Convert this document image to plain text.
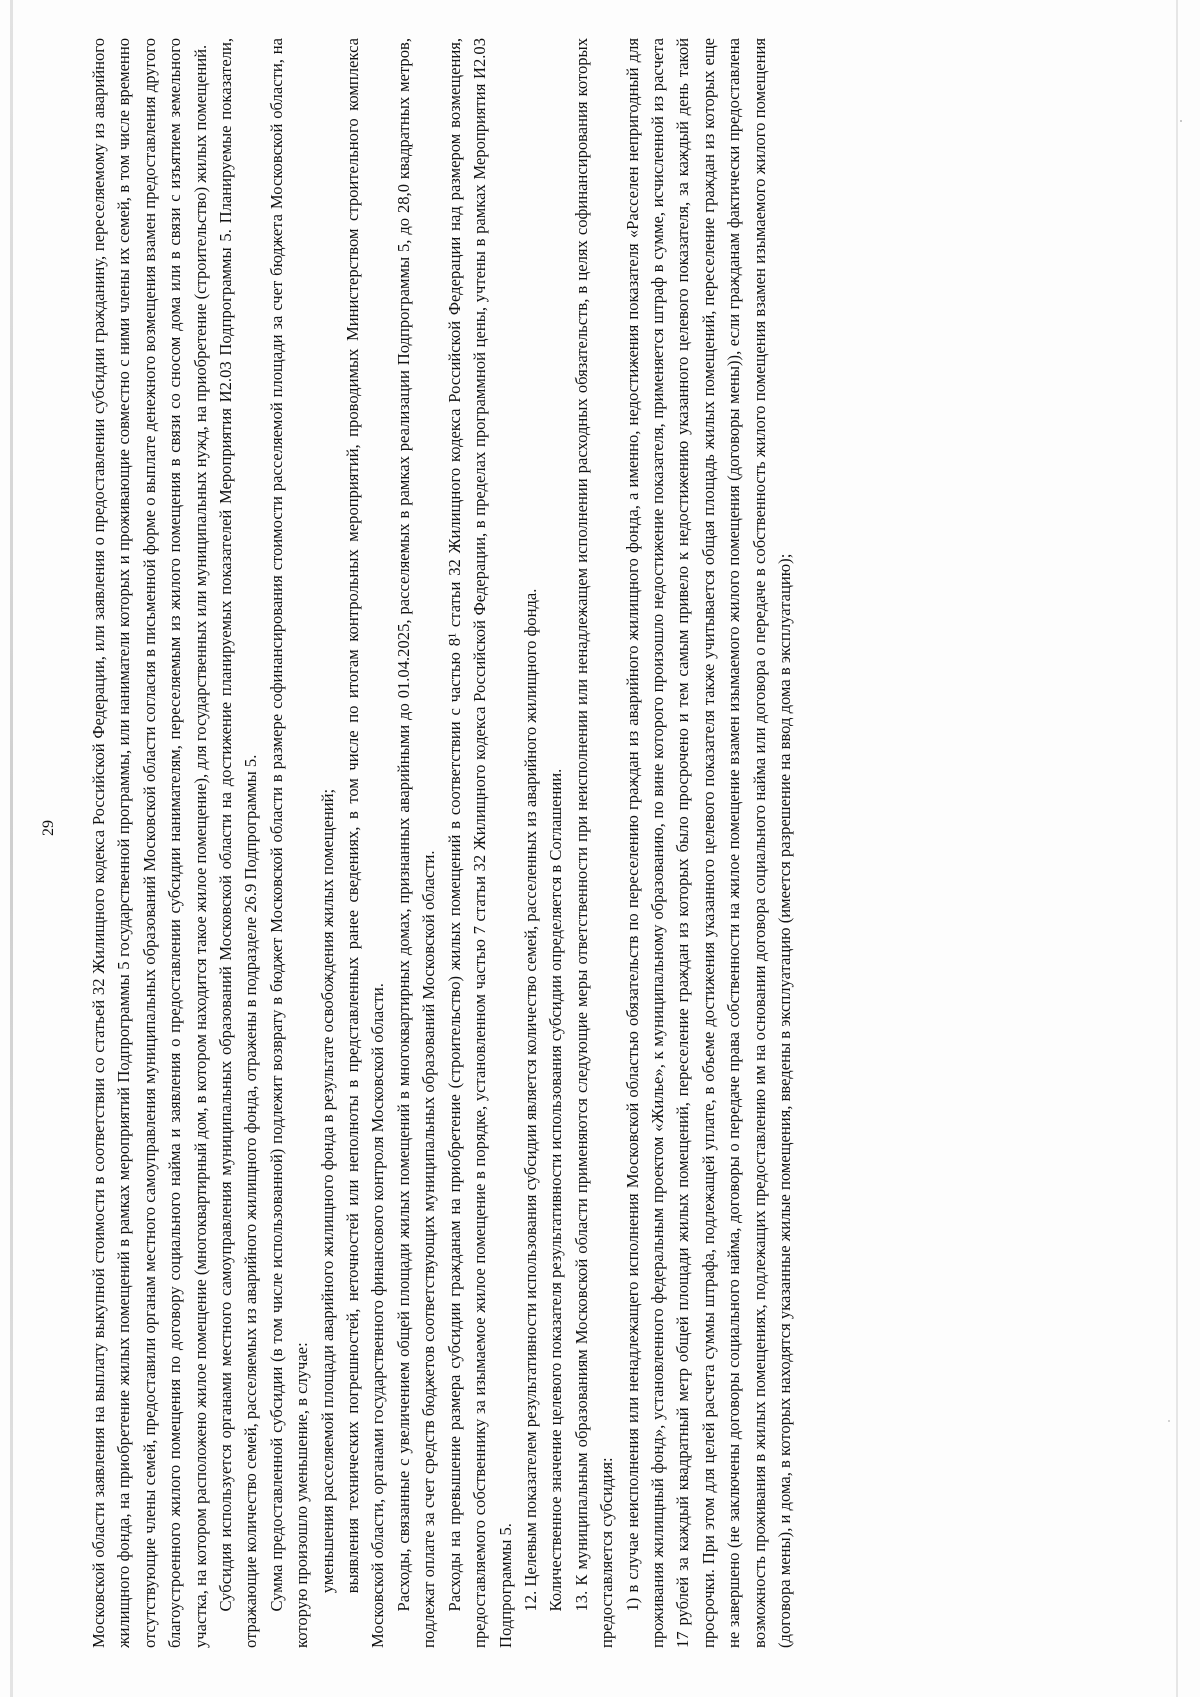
29 Московской области заявления на выплату выкупной стоимости в соответствии со статьей 32 Жилищного кодекса Российской Федерации, или заявления о предоставлении субсидии гражданину, переселяемому из аварийного жилищного фонда, на приобретение жилых помещений в рамках мероприятий Подпрограммы 5 государственной программы, или наниматели которых и проживающие совместно с ними члены их семей, в том числе временно отсутствующие члены семей, предоставили органам местного самоуправления муниципальных образований Московской области согласия в письменной форме о выплате денежного возмещения взамен предоставления другого благоустроенного жилого помещения по договору социального найма и заявления о предоставлении субсидии нанимателям, переселяемым из жилого помещения в связи со сносом дома или в связи с изъятием земельного участка, на котором расположено жилое помещение (многоквартирный дом, в котором находится такое жилое помещение), для государственных или муниципальных нужд, на приобретение (строительство) жилых помещений. Субсидия используется органами местного самоуправления муниципальных образований Московской области на достижение планируемых показателей Мероприятия И2.03 Подпрограммы 5. Планируемые показатели, отражающие количество семей, расселяемых из аварийного жилищного фонда, отражены в подразделе 26.9 Подпрограммы 5. Сумма предоставленной субсидии (в том числе использованной) подлежит возврату в бюджет Московской области в размере софинансирования стоимости расселяемой площади за счет бюджета Московской области, на которую произошло уменьшение, в случае: уменьшения расселяемой площади аварийного жилищного фонда в результате освобождения жилых помещений; выявления технических погрешностей, неточностей или неполноты в представленных ранее сведениях, в том числе по итогам контрольных мероприятий, проводимых Министерством строительного комплекса Московской области, органами государственного финансового контроля Московской области. Расходы, связанные с увеличением общей площади жилых помещений в многоквартирных домах, признанных аварийными до 01.04.2025, расселяемых в рамках реализации Подпрограммы 5, до 28,0 квадратных метров, подлежат оплате за счет средств бюджетов соответствующих муниципальных образований Московской области. Расходы на превышение размера субсидии гражданам на приобретение (строительство) жилых помещений в соответствии с частью 8¹ статьи 32 Жилищного кодекса Российской Федерации над размером возмещения, предоставляемого собственнику за изымаемое жилое помещение в порядке, установленном частью 7 статьи 32 Жилищного кодекса Российской Федерации, в пределах программной цены, учтены в рамках Мероприятия И2.03 Подпрограммы 5. 12. Целевым показателем результативности использования субсидии является количество семей, расселенных из аварийного жилищного фонда. Количественное значение целевого показателя результативности использования субсидии определяется в Соглашении. 13. К муниципальным образованиям Московской области применяются следующие меры ответственности при неисполнении или ненадлежащем исполнении расходных обязательств, в целях софинансирования которых предоставляется субсидия: 1) в случае неисполнения или ненадлежащего исполнения Московской областью обязательств по переселению граждан из аварийного жилищного фонда, а именно, недостижения показателя «Расселен непригодный для проживания жилищный фонд», установленного федеральным проектом «Жилье», к муниципальному образованию, по вине которого произошло недостижение показателя, применяется штраф в сумме, исчисленной из расчета 17 рублей за каждый квадратный метр общей площади жилых помещений, переселение граждан из которых было просрочено и тем самым привело к недостижению указанного целевого показателя, за каждый день такой просрочки. При этом для целей расчета суммы штрафа, подлежащей уплате, в объеме достижения указанного целевого показателя также учитывается общая площадь жилых помещений, переселение граждан из которых еще не завершено (не заключены договоры социального найма, договоры о передаче права собственности на жилое помещение взамен изымаемого жилого помещения (договоры мены)), если гражданам фактически предоставлена возможность проживания в жилых помещениях, подлежащих предоставлению им на основании договора социального найма или договора о передаче в собственность жилого помещения взамен изымаемого жилого помещения (договора мены), и дома, в которых находятся указанные жилые помещения, введены в эксплуатацию (имеется разрешение на ввод дома в эксплуатацию);
